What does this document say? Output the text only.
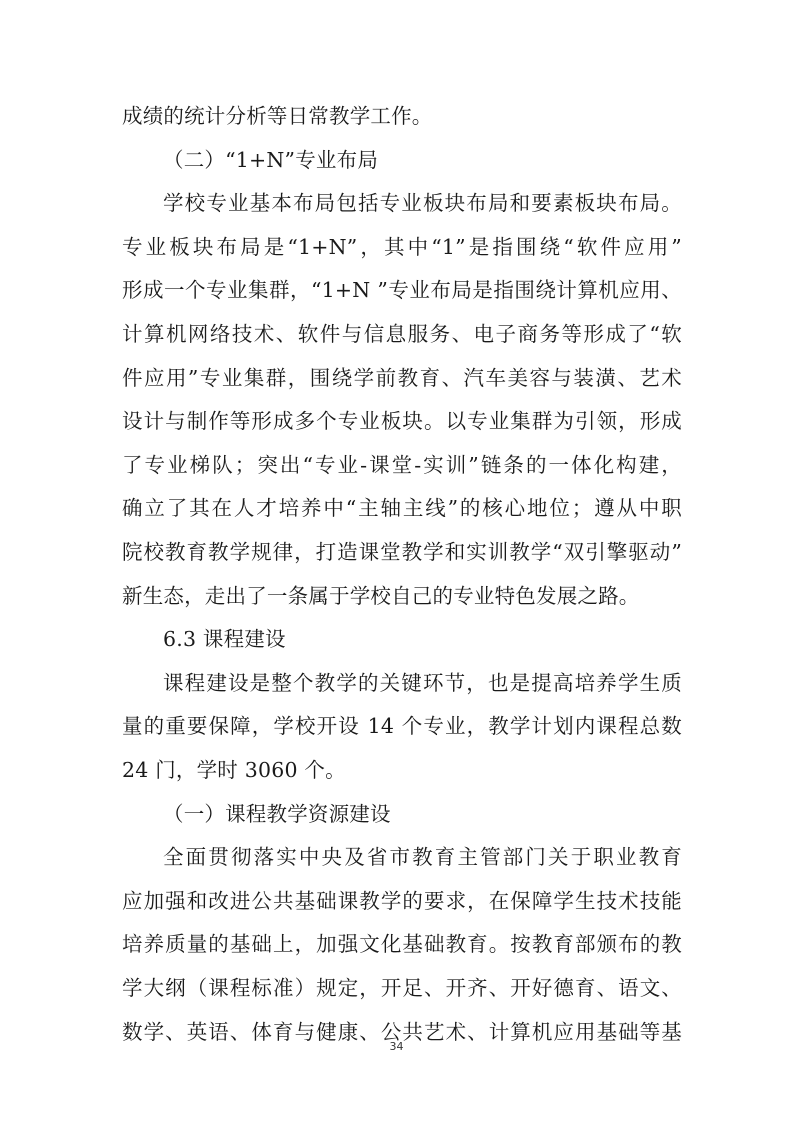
成绩的统计分析等日常教学工作。
（二）“1+N”专业布局
学校专业基本布局包括专业板块布局和要素板块布局。
专业板块布局是“1+N”，其中“1”是指围绕“软件应用”
形成一个专业集群，“1+N ”专业布局是指围绕计算机应用、
计算机网络技术、软件与信息服务、电子商务等形成了“软
件应用”专业集群，围绕学前教育、汽车美容与装潢、艺术
设计与制作等形成多个专业板块。以专业集群为引领，形成
了专业梯队；突出“专业-课堂-实训”链条的一体化构建，
确立了其在人才培养中“主轴主线”的核心地位；遵从中职
院校教育教学规律，打造课堂教学和实训教学“双引擎驱动”
新生态，走出了一条属于学校自己的专业特色发展之路。
6.3 课程建设
课程建设是整个教学的关键环节，也是提高培养学生质
量的重要保障，学校开设 14 个专业，教学计划内课程总数
24 门，学时 3060 个。
（一）课程教学资源建设
全面贯彻落实中央及省市教育主管部门关于职业教育
应加强和改进公共基础课教学的要求，在保障学生技术技能
培养质量的基础上，加强文化基础教育。按教育部颁布的教
学大纲（课程标准）规定，开足、开齐、开好德育、语文、
数学、英语、体育与健康、公共艺术、计算机应用基础等基
34
